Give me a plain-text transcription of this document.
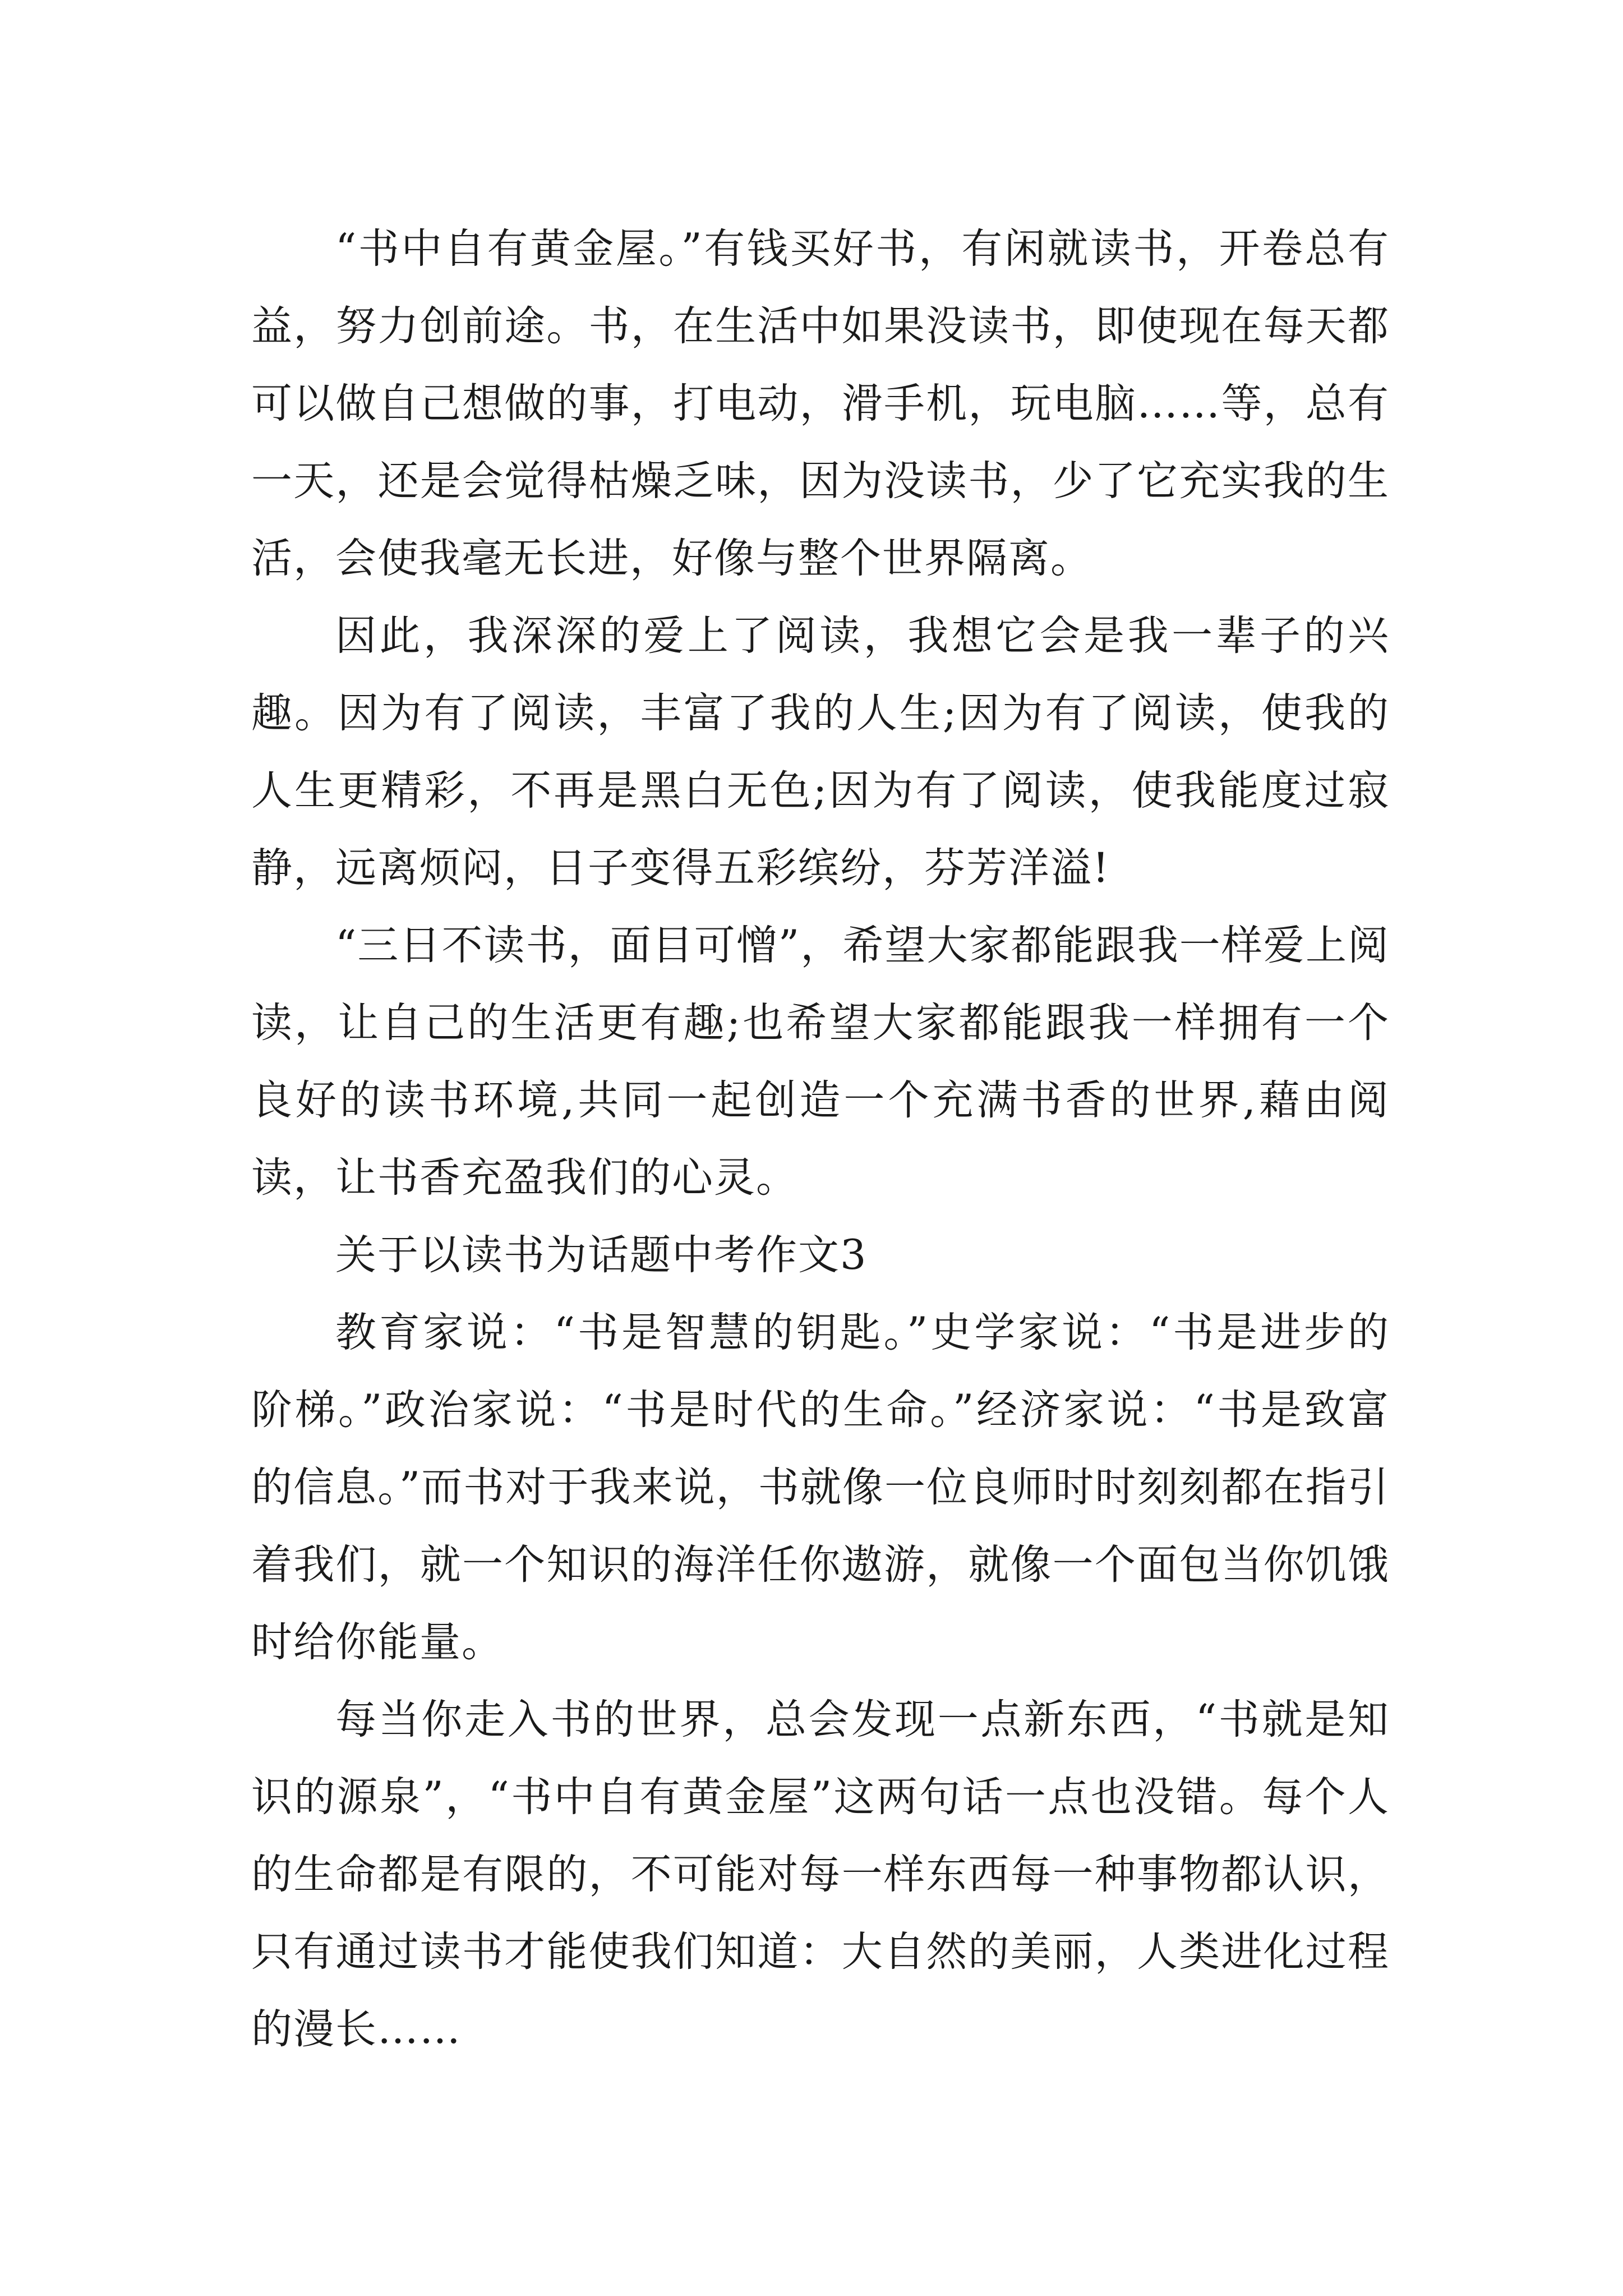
“书中自有黄金屋。”有钱买好书，有闲就读书，开卷总有益，努力创前途。书，在生活中如果没读书，即使现在每天都可以做自己想做的事，打电动，滑手机，玩电脑……等，总有一天，还是会觉得枯燥乏味，因为没读书，少了它充实我的生活，会使我毫无长进，好像与整个世界隔离。

因此，我深深的爱上了阅读，我想它会是我一辈子的兴趣。因为有了阅读，丰富了我的人生;因为有了阅读，使我的人生更精彩，不再是黑白无色;因为有了阅读，使我能度过寂静，远离烦闷，日子变得五彩缤纷，芬芳洋溢!

“三日不读书，面目可憎”，希望大家都能跟我一样爱上阅读，让自己的生活更有趣;也希望大家都能跟我一样拥有一个良好的读书环境,共同一起创造一个充满书香的世界,藉由阅读，让书香充盈我们的心灵。

关于以读书为话题中考作文3

教育家说：“书是智慧的钥匙。”史学家说：“书是进步的阶梯。”政治家说：“书是时代的生命。”经济家说：“书是致富的信息。”而书对于我来说，书就像一位良师时时刻刻都在指引着我们，就一个知识的海洋任你遨游，就像一个面包当你饥饿时给你能量。

每当你走入书的世界，总会发现一点新东西，“书就是知识的源泉”，“书中自有黄金屋”这两句话一点也没错。每个人的生命都是有限的，不可能对每一样东西每一种事物都认识，只有通过读书才能使我们知道：大自然的美丽，人类进化过程的漫长……
